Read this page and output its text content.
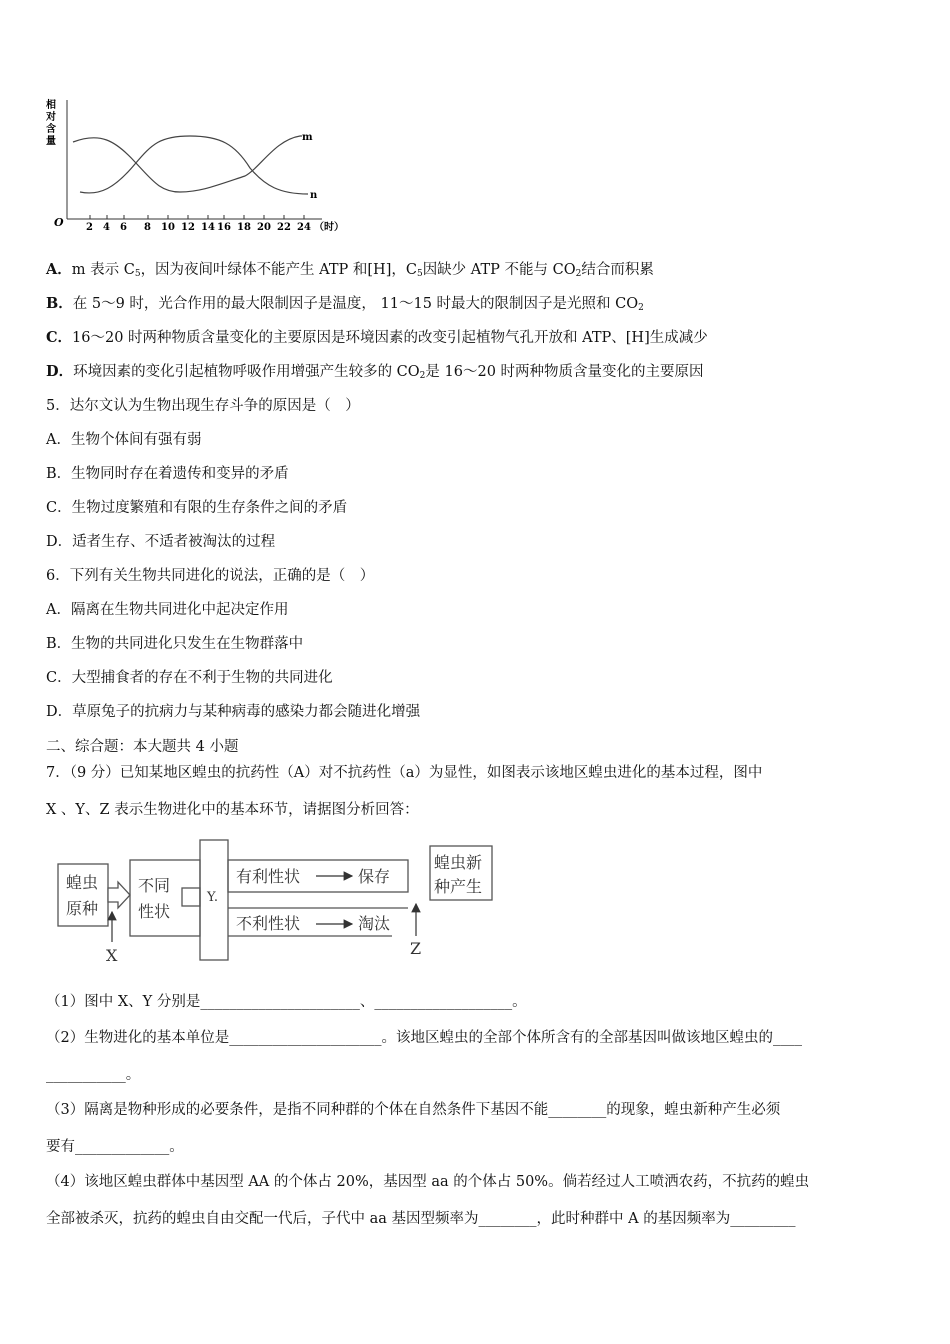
相
对
含
量
O 2 4 6 8 10 12 14 16 18 20 22 24 （时）
m
n
A．m 表示 $C_5$，因为夜间叶绿体不能产生 ATP 和[H]，$C_5$因缺少 ATP 不能与 $CO_2$结合而积累
B．在 5～9 时，光合作用的最大限制因子是温度， 11～15 时最大的限制因子是光照和 $CO_2$
C．16～20 时两种物质含量变化的主要原因是环境因素的改变引起植物气孔开放和 ATP、[H]生成减少
D．环境因素的变化引起植物呼吸作用增强产生较多的 $CO_2$是 16～20 时两种物质含量变化的主要原因
5．达尔文认为生物出现生存斗争的原因是（　）
A．生物个体间有强有弱
B．生物同时存在着遗传和变异的矛盾
C．生物过度繁殖和有限的生存条件之间的矛盾
D．适者生存、不适者被淘汰的过程
6．下列有关生物共同进化的说法，正确的是（　）
A．隔离在生物共同进化中起决定作用
B．生物的共同进化只发生在生物群落中
C．大型捕食者的存在不利于生物的共同进化
D．草原兔子的抗病力与某种病毒的感染力都会随进化增强
二、综合题：本大题共 4 小题
7．（9 分）已知某地区蝗虫的抗药性（A）对不抗药性（a）为显性，如图表示该地区蝗虫进化的基本过程，图中
X 、Y、Z 表示生物进化中的基本环节，请据图分析回答：
蝗虫
原种
不同
性状
有利性状	保存
不利性状	淘汰
蝗虫新
种产生
X	Z
Y.
（1）图中 X、Y 分别是______________________、___________________。
（2）生物进化的基本单位是_____________________。该地区蝗虫的全部个体所含有的全部基因叫做该地区蝗虫的____
___________。
（3）隔离是物种形成的必要条件，是指不同种群的个体在自然条件下基因不能________的现象，蝗虫新种产生必须
要有_____________。
（4）该地区蝗虫群体中基因型 AA 的个体占 20%，基因型 aa 的个体占 50%。倘若经过人工喷洒农药，不抗药的蝗虫
全部被杀灭，抗药的蝗虫自由交配一代后，子代中 aa 基因型频率为________，此时种群中 A 的基因频率为_________
